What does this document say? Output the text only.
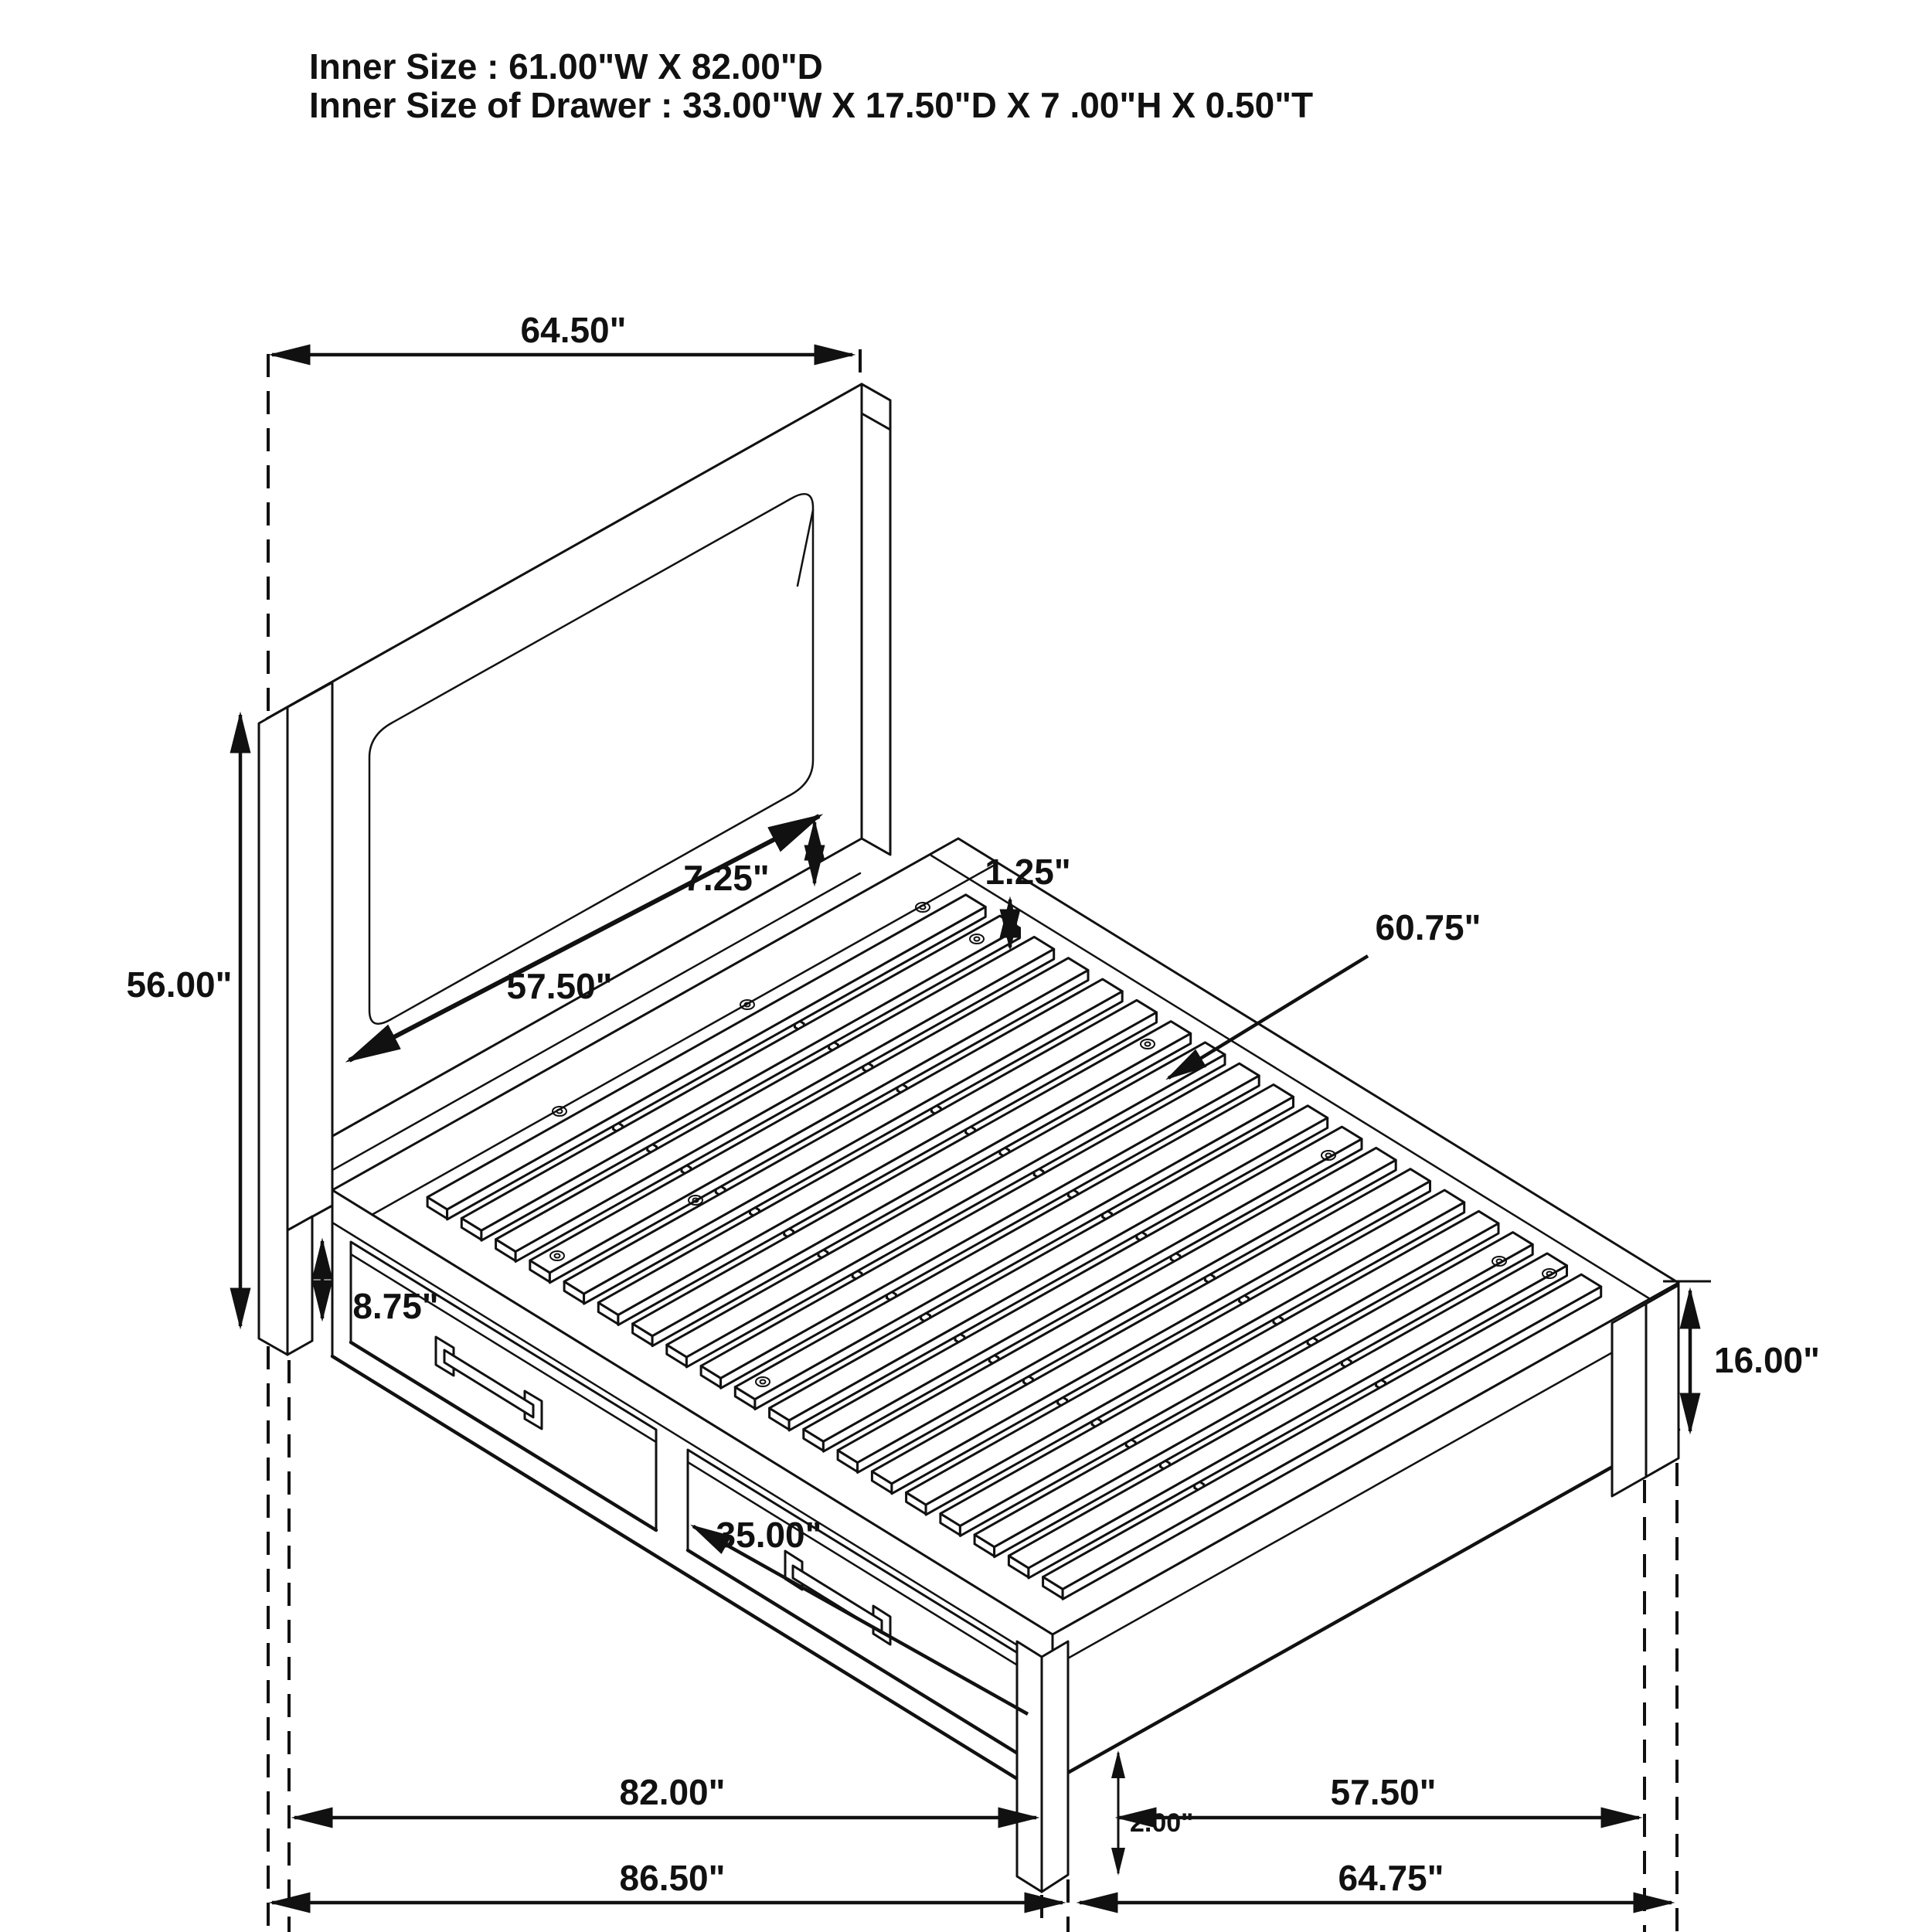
Inner Size : 61.00"W X 82.00"D
Inner Size of Drawer : 33.00"W X 17.50"D X 7 .00"H X 0.50"T
64.50"
56.00"
7.25"
57.50"
1.25"
60.75"
8.75"
35.00"
16.00"
2.00"
82.00"	57.50"
86.50"	64.75"
